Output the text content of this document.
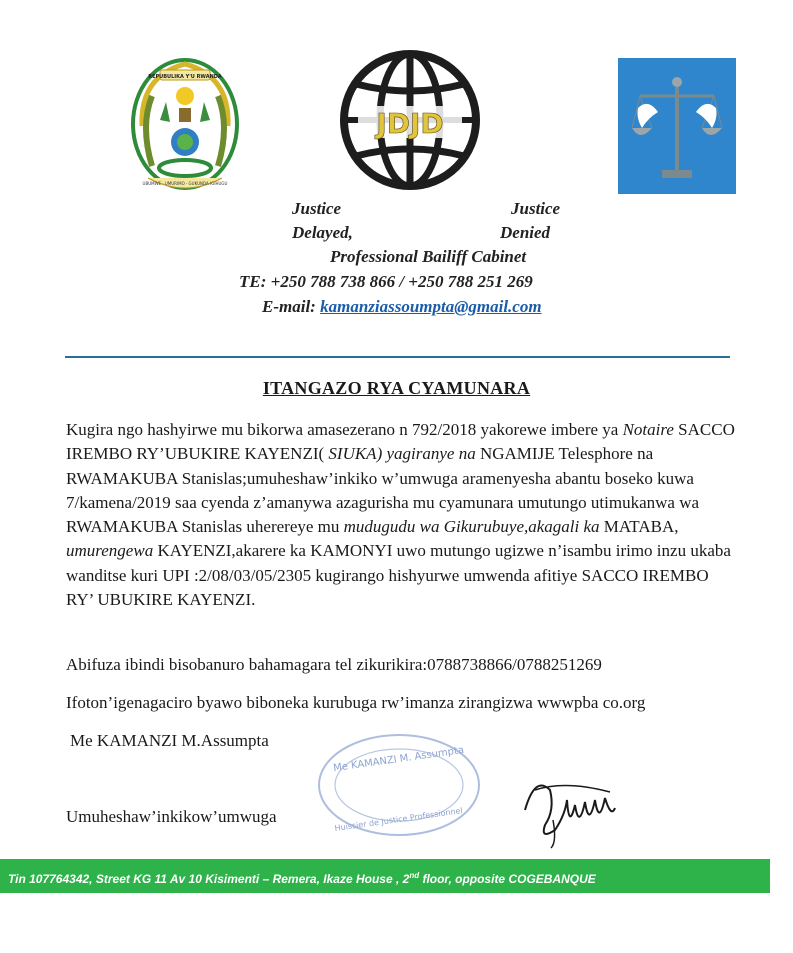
REPUBULIKA Y'U RWANDA
UBUMWE · UMURIMO · GUKUNDA IGIHUGU
JDJD
Justice	Justice
Delayed,	Denied
Professional Bailiff Cabinet
TE: +250 788 738 866 / +250 788 251 269
E-mail: kamanziassoumpta@gmail.com
ITANGAZO RYA CYAMUNARA

Kugira ngo hashyirwe mu bikorwa amasezerano n 792/2018 yakorewe imbere ya Notaire SACCO IREMBO RY’UBUKIRE KAYENZI( SIUKA) yagiranye na NGAMIJE Telesphore na RWAMAKUBA Stanislas;umuheshaw’inkiko w’umwuga aramenyesha abantu boseko kuwa 7/kamena/2019 saa cyenda z’amanywa azagurisha mu cyamunara umutungo utimukanwa wa RWAMAKUBA Stanislas uherereye mu mudugudu wa Gikurubuye,akagali ka MATABA, umurengewa KAYENZI,akarere ka KAMONYI uwo mutungo ugizwe n’isambu irimo inzu ukaba wanditse kuri UPI :2/08/03/05/2305 kugirango hishyurwe umwenda afitiye SACCO IREMBO RY’ UBUKIRE KAYENZI.

Abifuza ibindi bisobanuro bahamagara tel zikurikira:0788738866/0788251269
Ifoton’igenagaciro byawo biboneka kurubuga rw’imanza zirangizwa wwwpba co.org
Me KAMANZI M.Assumpta
Umuheshaw’inkikow’umwuga
Me KAMANZI M. Assumpta
Huissier de Justice Professionnel
Tin 107764342, Street KG 11 Av 10 Kisimenti – Remera, Ikaze House , 2nd floor, opposite COGEBANQUE
